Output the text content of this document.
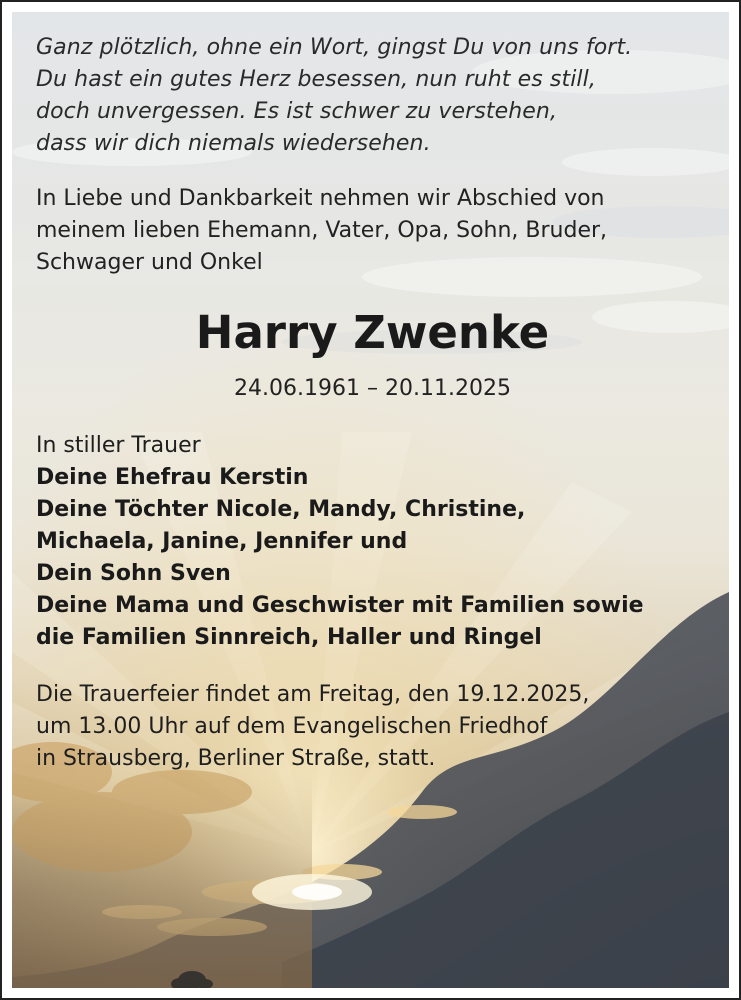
Ganz plötzlich, ohne ein Wort, gingst Du von uns fort.
Du hast ein gutes Herz besessen, nun ruht es still,
doch unvergessen. Es ist schwer zu verstehen,
dass wir dich niemals wiedersehen.

In Liebe und Dankbarkeit nehmen wir Abschied von meinem lieben Ehemann, Vater, Opa, Sohn, Bruder, Schwager und Onkel

Harry Zwenke
24.06.1961 – 20.11.2025
In stiller Trauer
Deine Ehefrau Kerstin
Deine Töchter Nicole, Mandy, Christine,
Michaela, Janine, Jennifer und
Dein Sohn Sven
Deine Mama und Geschwister mit Familien sowie
die Familien Sinnreich, Haller und Ringel
Die Trauerfeier findet am Freitag, den 19.12.2025,
um 13.00 Uhr auf dem Evangelischen Friedhof
in Strausberg, Berliner Straße, statt.
